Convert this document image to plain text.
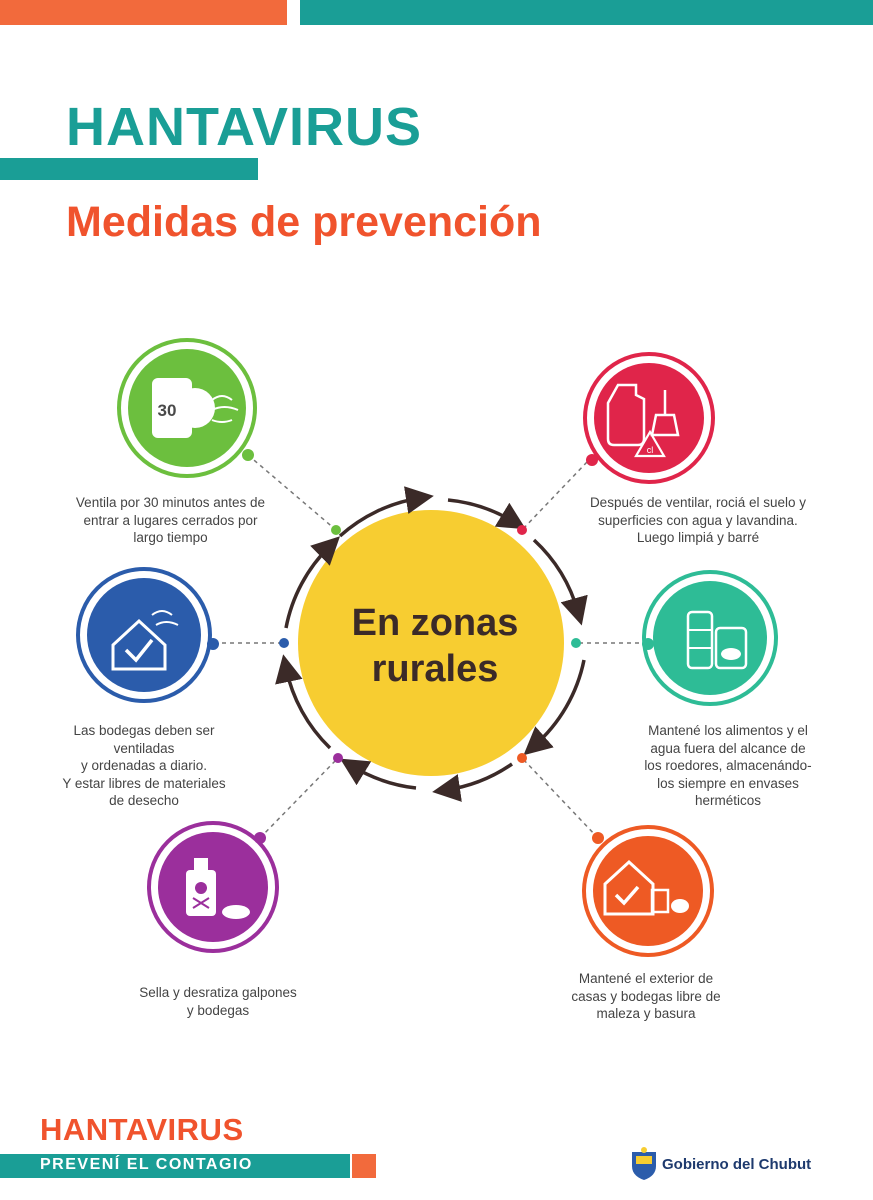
HANTAVIRUS
Medidas de prevención
30
cl
En zonas
rurales
Ventila por 30 minutos antes de
entrar a lugares cerrados por
largo tiempo
Después de ventilar, rociá el suelo y
superficies con agua y lavandina.
Luego limpiá y barré
Las bodegas deben ser
ventiladas
y ordenadas a diario.
Y estar libres de materiales
de desecho
Mantené los alimentos y el
agua fuera del alcance de
los roedores, almacenándo-
los siempre en envases
herméticos
Sella y desratiza galpones
y bodegas
Mantené el exterior de
casas y bodegas libre de
maleza y basura
HANTAVIRUS
PREVENÍ EL CONTAGIO	Gobierno del Chubut
